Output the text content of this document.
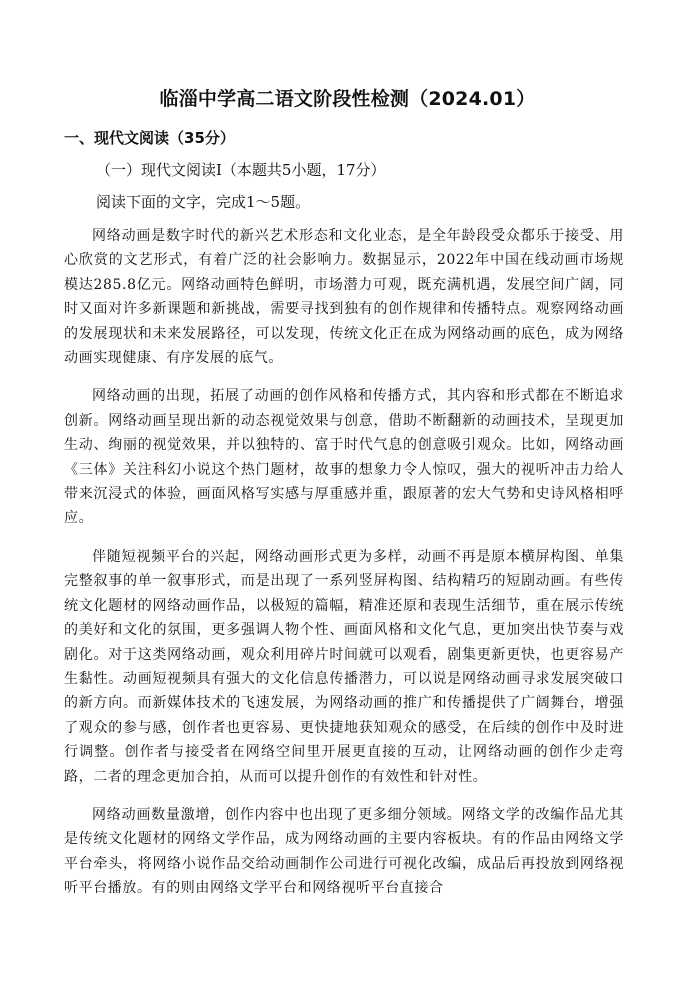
临淄中学高二语文阶段性检测（2024.01）
一、现代文阅读（35分）
（一）现代文阅读Ⅰ（本题共5小题，17分）
阅读下面的文字，完成1～5题。

网络动画是数字时代的新兴艺术形态和文化业态，是全年龄段受众都乐于接受、用心欣赏的文艺形式，有着广泛的社会影响力。数据显示，2022年中国在线动画市场规模达285.8亿元。网络动画特色鲜明，市场潜力可观，既充满机遇，发展空间广阔，同时又面对许多新课题和新挑战，需要寻找到独有的创作规律和传播特点。观察网络动画的发展现状和未来发展路径，可以发现，传统文化正在成为网络动画的底色，成为网络动画实现健康、有序发展的底气。

网络动画的出现，拓展了动画的创作风格和传播方式，其内容和形式都在不断追求创新。网络动画呈现出新的动态视觉效果与创意，借助不断翻新的动画技术，呈现更加生动、绚丽的视觉效果，并以独特的、富于时代气息的创意吸引观众。比如，网络动画《三体》关注科幻小说这个热门题材，故事的想象力令人惊叹，强大的视听冲击力给人带来沉浸式的体验，画面风格写实感与厚重感并重，跟原著的宏大气势和史诗风格相呼应。

伴随短视频平台的兴起，网络动画形式更为多样，动画不再是原本横屏构图、单集完整叙事的单一叙事形式，而是出现了一系列竖屏构图、结构精巧的短剧动画。有些传统文化题材的网络动画作品，以极短的篇幅，精准还原和表现生活细节，重在展示传统的美好和文化的氛围，更多强调人物个性、画面风格和文化气息，更加突出快节奏与戏剧化。对于这类网络动画，观众利用碎片时间就可以观看，剧集更新更快，也更容易产生黏性。动画短视频具有强大的文化信息传播潜力，可以说是网络动画寻求发展突破口的新方向。而新媒体技术的飞速发展，为网络动画的推广和传播提供了广阔舞台，增强了观众的参与感，创作者也更容易、更快捷地获知观众的感受，在后续的创作中及时进行调整。创作者与接受者在网络空间里开展更直接的互动，让网络动画的创作少走弯路，二者的理念更加合拍，从而可以提升创作的有效性和针对性。

网络动画数量激增，创作内容中也出现了更多细分领域。网络文学的改编作品尤其是传统文化题材的网络文学作品，成为网络动画的主要内容板块。有的作品由网络文学平台牵头，将网络小说作品交给动画制作公司进行可视化改编，成品后再投放到网络视听平台播放。有的则由网络文学平台和网络视听平台直接合
